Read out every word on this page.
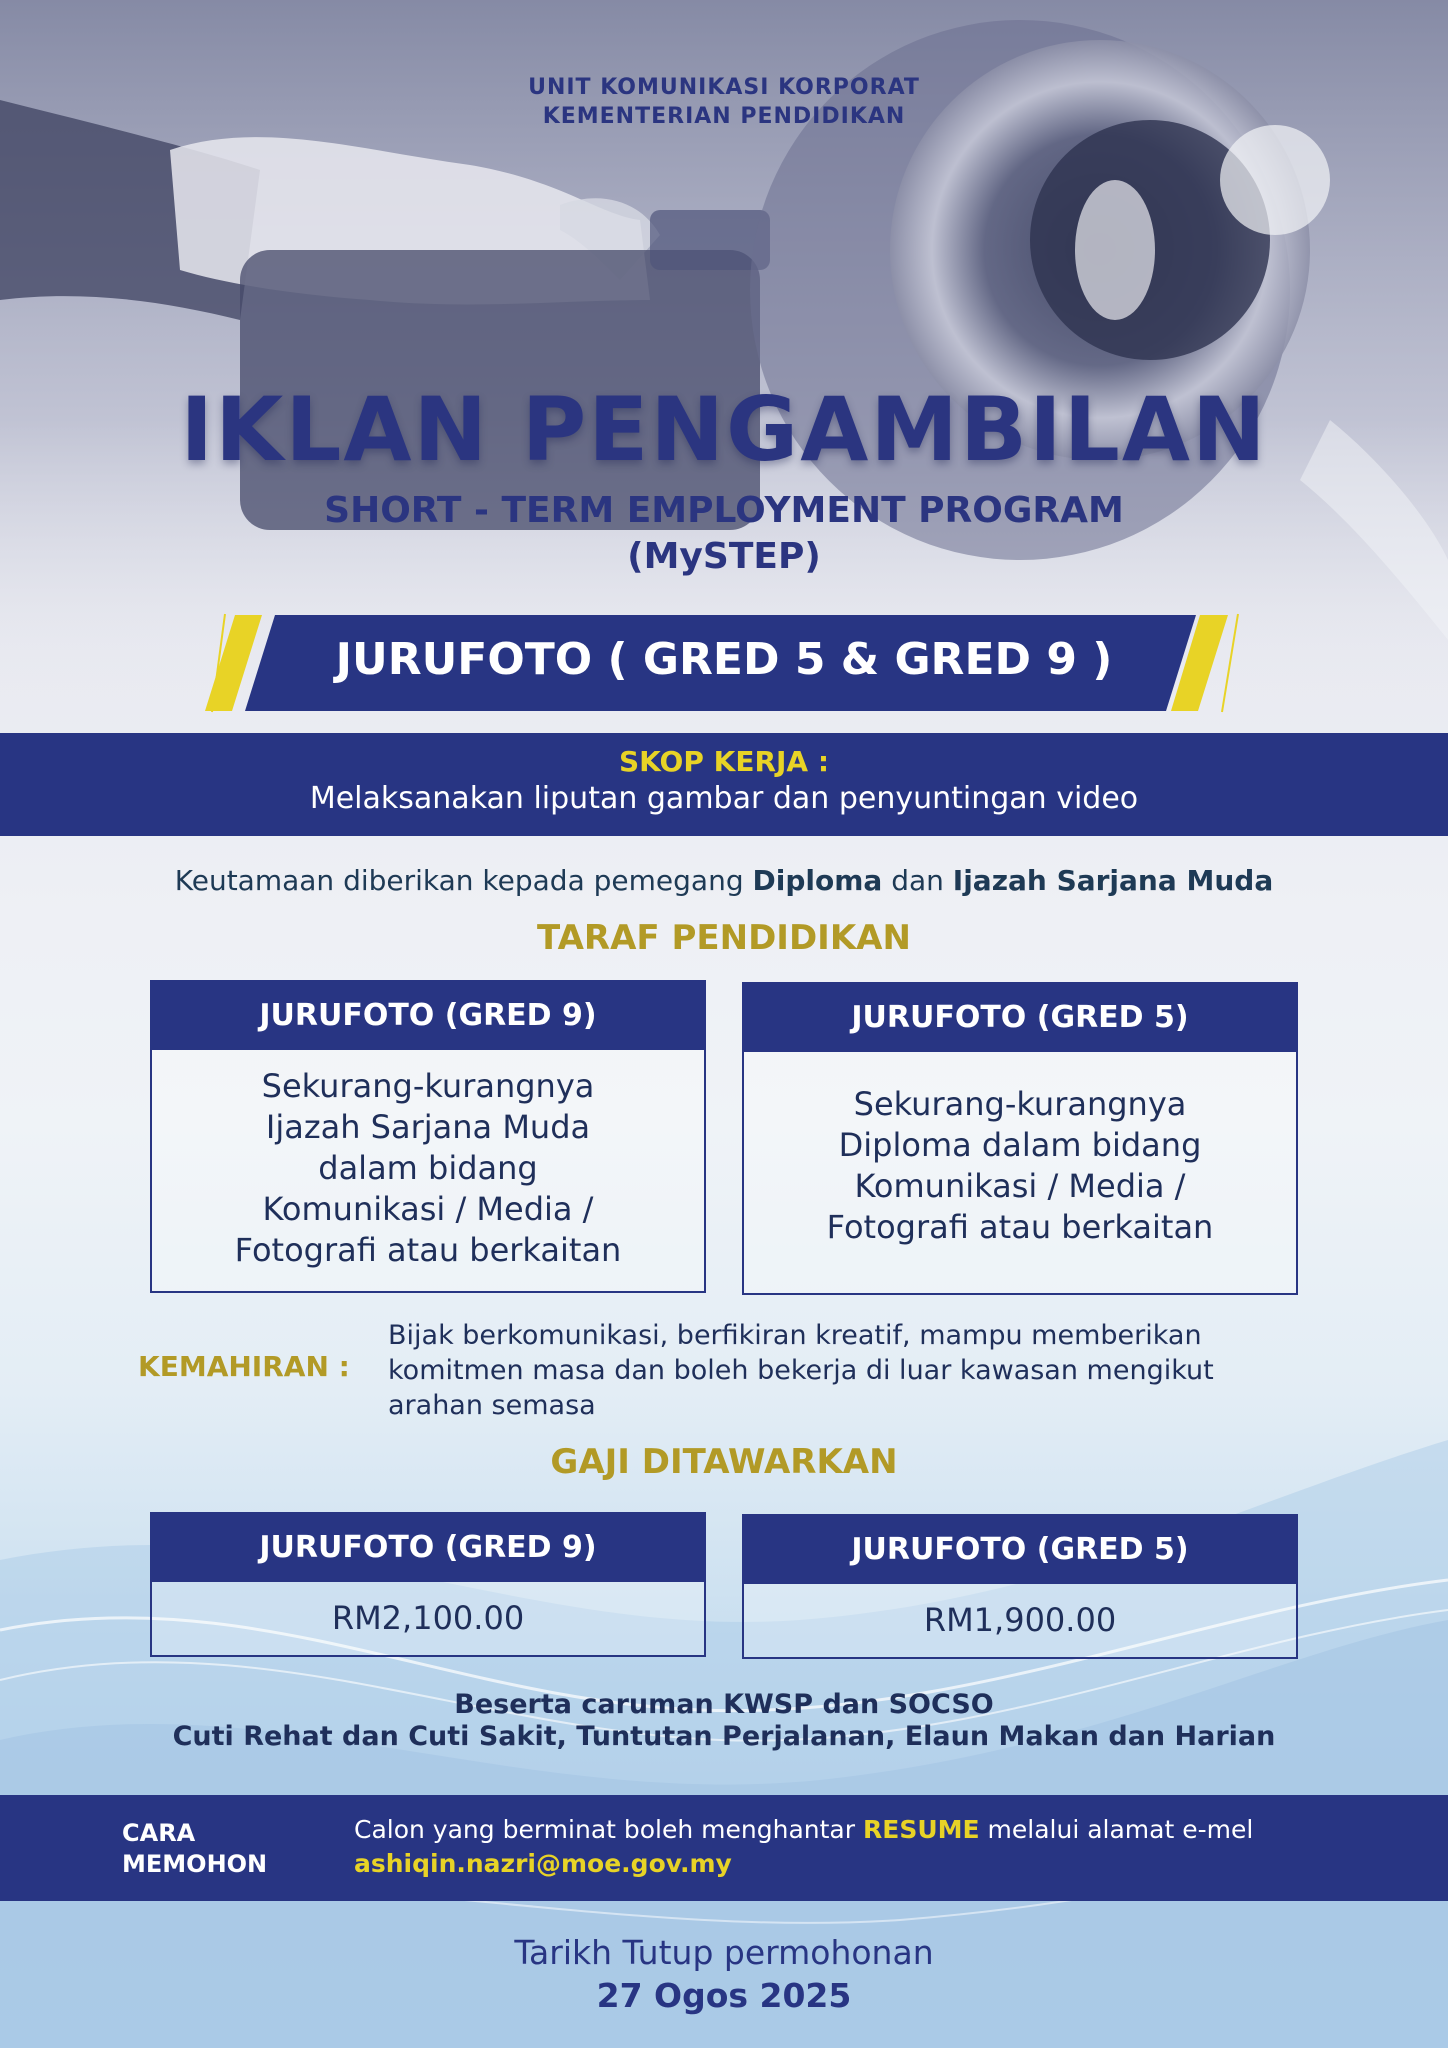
UNIT KOMUNIKASI KORPORAT
KEMENTERIAN PENDIDIKAN
IKLAN PENGAMBILAN
SHORT - TERM EMPLOYMENT PROGRAM
(MySTEP)
JURUFOTO ( GRED 5 & GRED 9 )
SKOP KERJA :
Melaksanakan liputan gambar dan penyuntingan video
Keutamaan diberikan kepada pemegang Diploma dan Ijazah Sarjana Muda
TARAF PENDIDIKAN
JURUFOTO (GRED 9)
Sekurang-kurangnya
Ijazah Sarjana Muda
dalam bidang
Komunikasi / Media /
Fotografi atau berkaitan
JURUFOTO (GRED 5)
Sekurang-kurangnya
Diploma dalam bidang
Komunikasi / Media /
Fotografi atau berkaitan
KEMAHIRAN :
Bijak berkomunikasi, berfikiran kreatif, mampu memberikan
komitmen masa dan boleh bekerja di luar kawasan mengikut
arahan semasa
GAJI DITAWARKAN
JURUFOTO (GRED 9)
RM2,100.00
JURUFOTO (GRED 5)
RM1,900.00
Beserta caruman KWSP dan SOCSO
Cuti Rehat dan Cuti Sakit, Tuntutan Perjalanan, Elaun Makan dan Harian
CARA
MEMOHON
Calon yang berminat boleh menghantar RESUME melalui alamat e-mel
ashiqin.nazri@moe.gov.my
Tarikh Tutup permohonan
27 Ogos 2025
